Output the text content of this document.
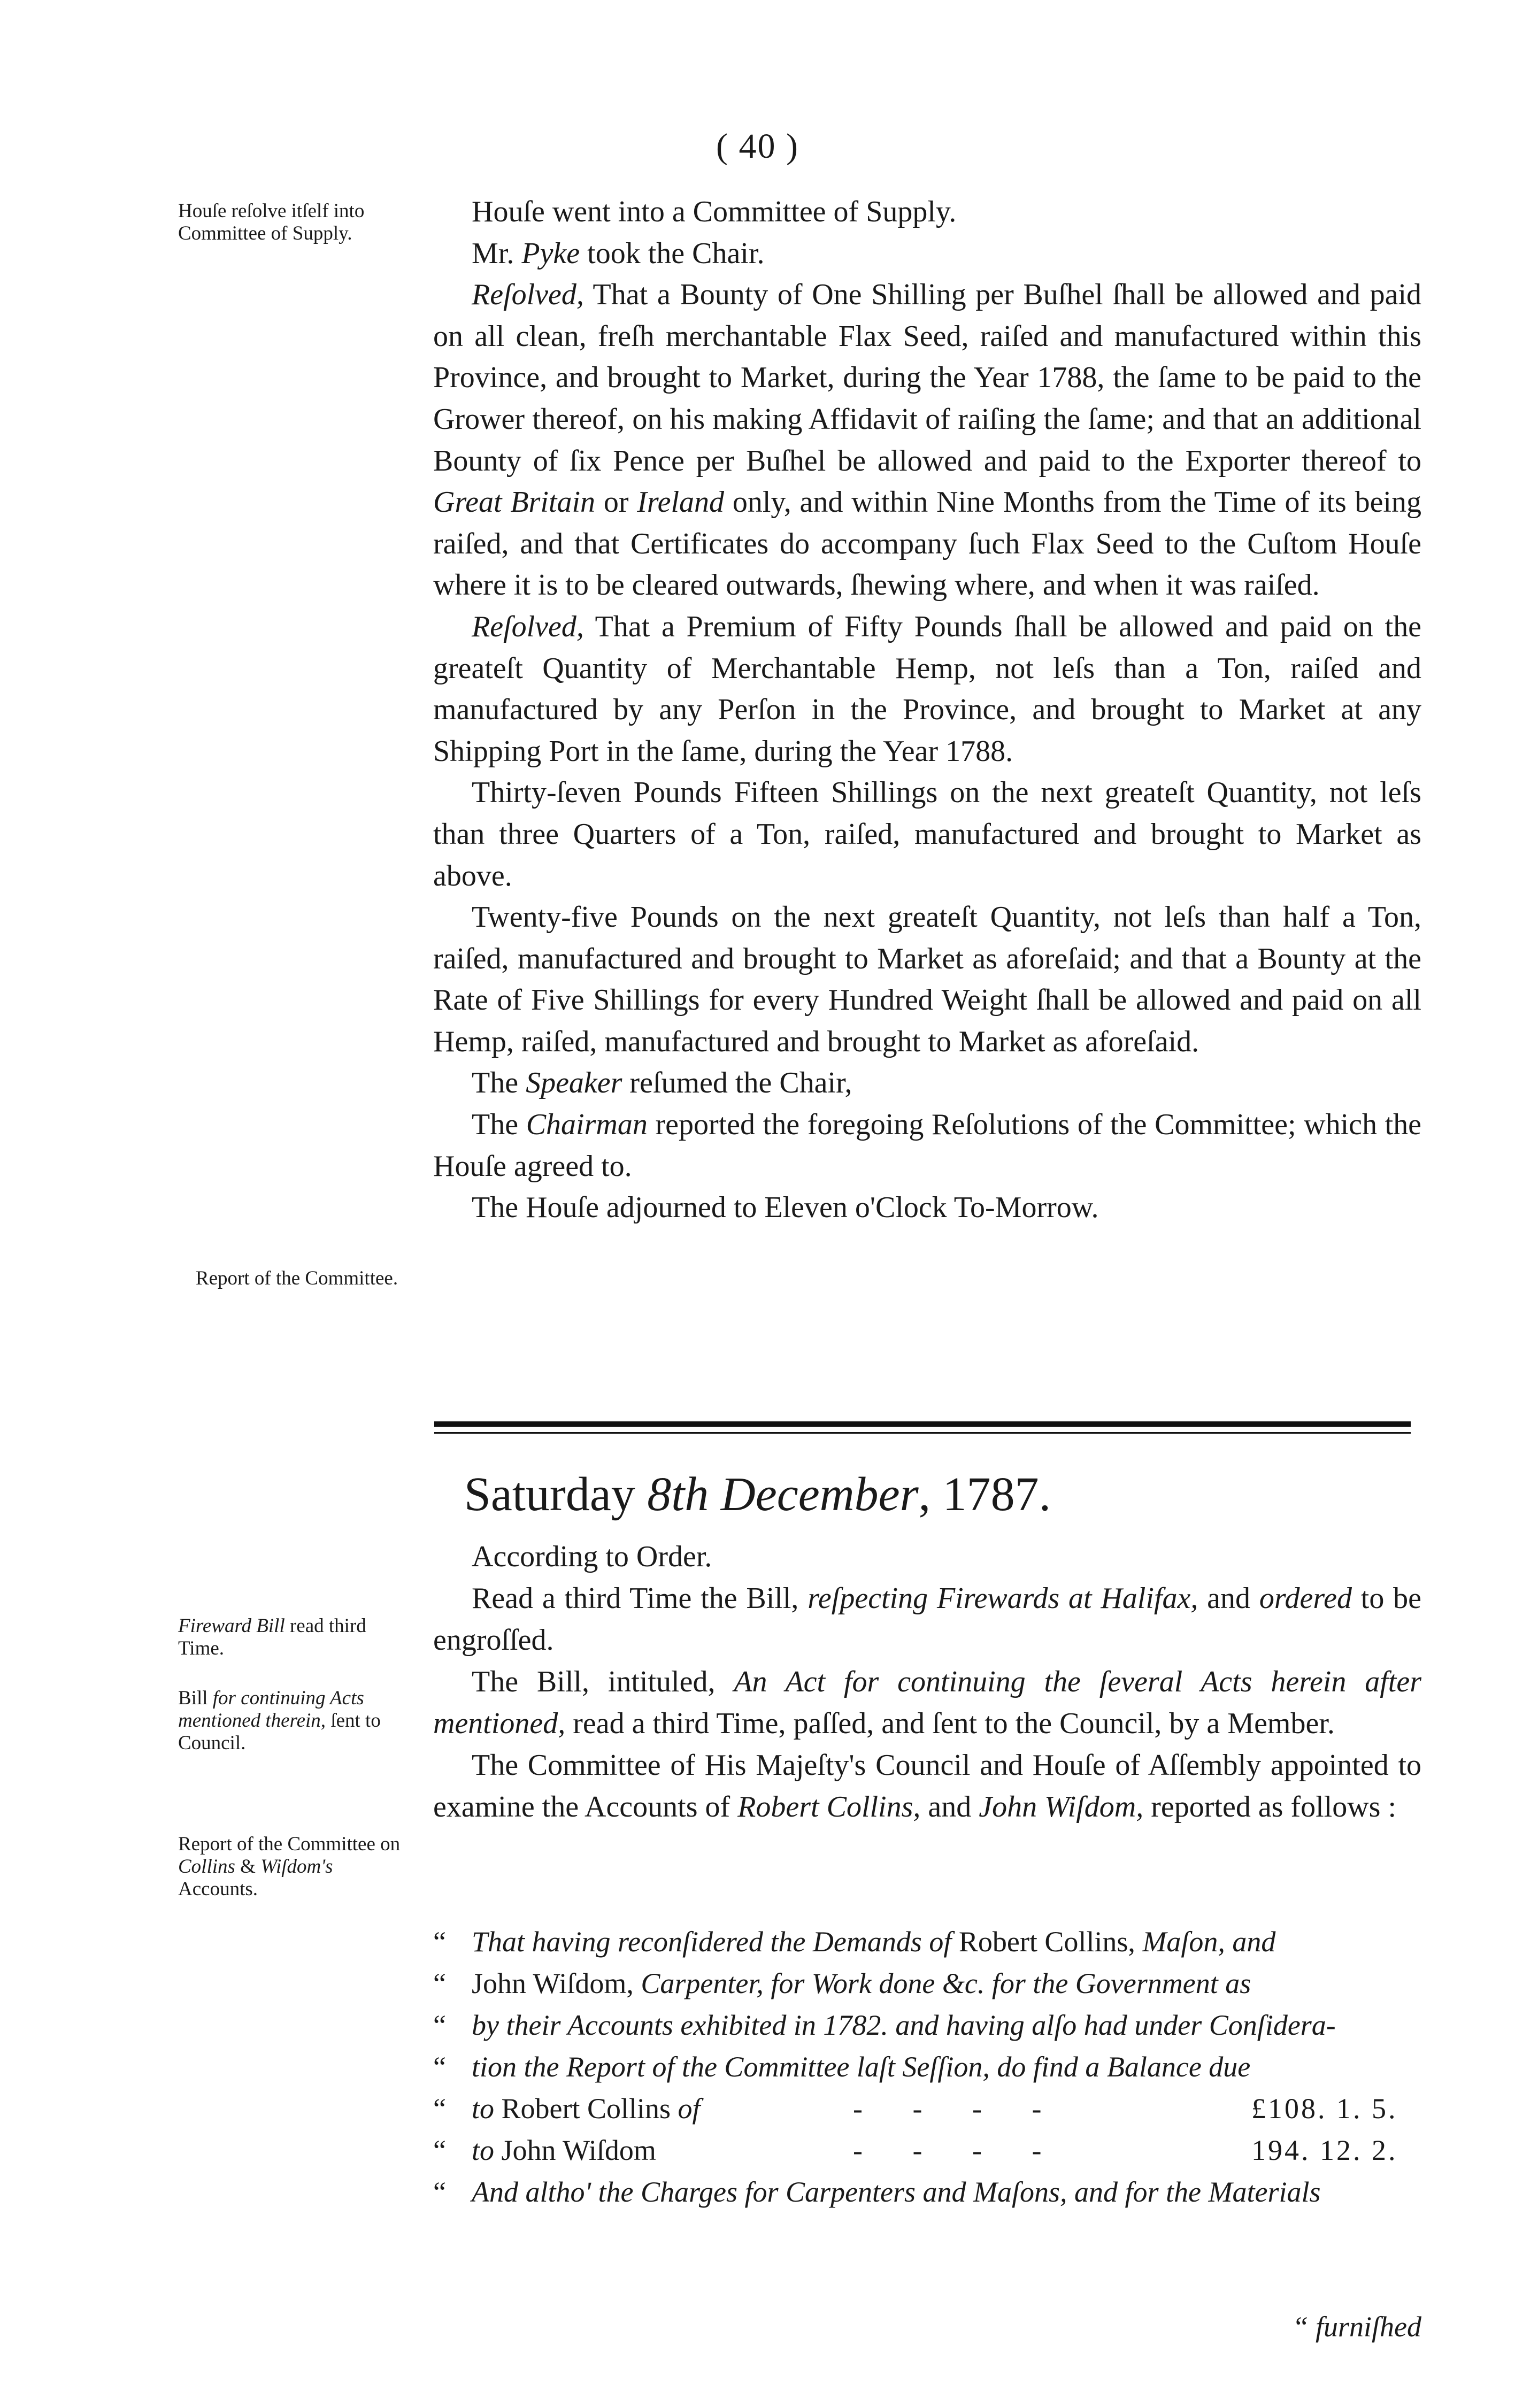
( 40 )
Houſe reſolve itſelf into Committee of Supply.
Report of the Committee.
Fireward Bill read third Time.
Bill for continuing Acts mentioned therein, ſent to Council.
Report of the Committee on Collins & Wiſdom's Accounts.

Houſe went into a Committee of Supply.

Mr. Pyke took the Chair.

Reſolved, That a Bounty of One Shilling per Buſhel ſhall be allowed and paid on all clean, freſh merchantable Flax Seed, raiſed and manufactured within this Province, and brought to Market, during the Year 1788, the ſame to be paid to the Grower thereof, on his making Affidavit of raiſing the ſame; and that an additional Bounty of ſix Pence per Buſhel be allowed and paid to the Exporter thereof to Great Britain or Ireland only, and within Nine Months from the Time of its being raiſed, and that Certificates do accompany ſuch Flax Seed to the Cuſtom Houſe where it is to be cleared outwards, ſhewing where, and when it was raiſed.

Reſolved, That a Premium of Fifty Pounds ſhall be allowed and paid on the greateſt Quantity of Merchantable Hemp, not leſs than a Ton, raiſed and manufactured by any Perſon in the Province, and brought to Market at any Shipping Port in the ſame, during the Year 1788.

Thirty-ſeven Pounds Fifteen Shillings on the next greateſt Quantity, not leſs than three Quarters of a Ton, raiſed, manufactured and brought to Market as above.

Twenty-five Pounds on the next greateſt Quantity, not leſs than half a Ton, raiſed, manufactured and brought to Market as aforeſaid; and that a Bounty at the Rate of Five Shillings for every Hundred Weight ſhall be allowed and paid on all Hemp, raiſed, manufactured and brought to Market as aforeſaid.

The Speaker reſumed the Chair,

The Chairman reported the foregoing Reſolutions of the Committee; which the Houſe agreed to.

The Houſe adjourned to Eleven o'Clock To-Morrow.

Saturday 8th December, 1787.

According to Order.

Read a third Time the Bill, reſpecting Firewards at Halifax, and ordered to be engroſſed.

The Bill, intituled, An Act for continuing the ſeveral Acts herein after mentioned, read a third Time, paſſed, and ſent to the Council, by a Member.

The Committee of His Majeſty's Council and Houſe of Aſſembly appointed to examine the Accounts of Robert Collins, and John Wiſdom, reported as follows :

“ That having reconſidered the Demands of Robert Collins, Maſon, and
“ John Wiſdom, Carpenter, for Work done &c. for the Government as
“ by their Accounts exhibited in 1782. and having alſo had under Conſidera-
“ tion the Report of the Committee laſt Seſſion, do find a Balance due
“ to Robert Collins of	- - - -	£108. 1. 5.
“ to John Wiſdom	- - - -	194. 12. 2.
“ And altho' the Charges for Carpenters and Maſons, and for the Materials
“ furniſhed
